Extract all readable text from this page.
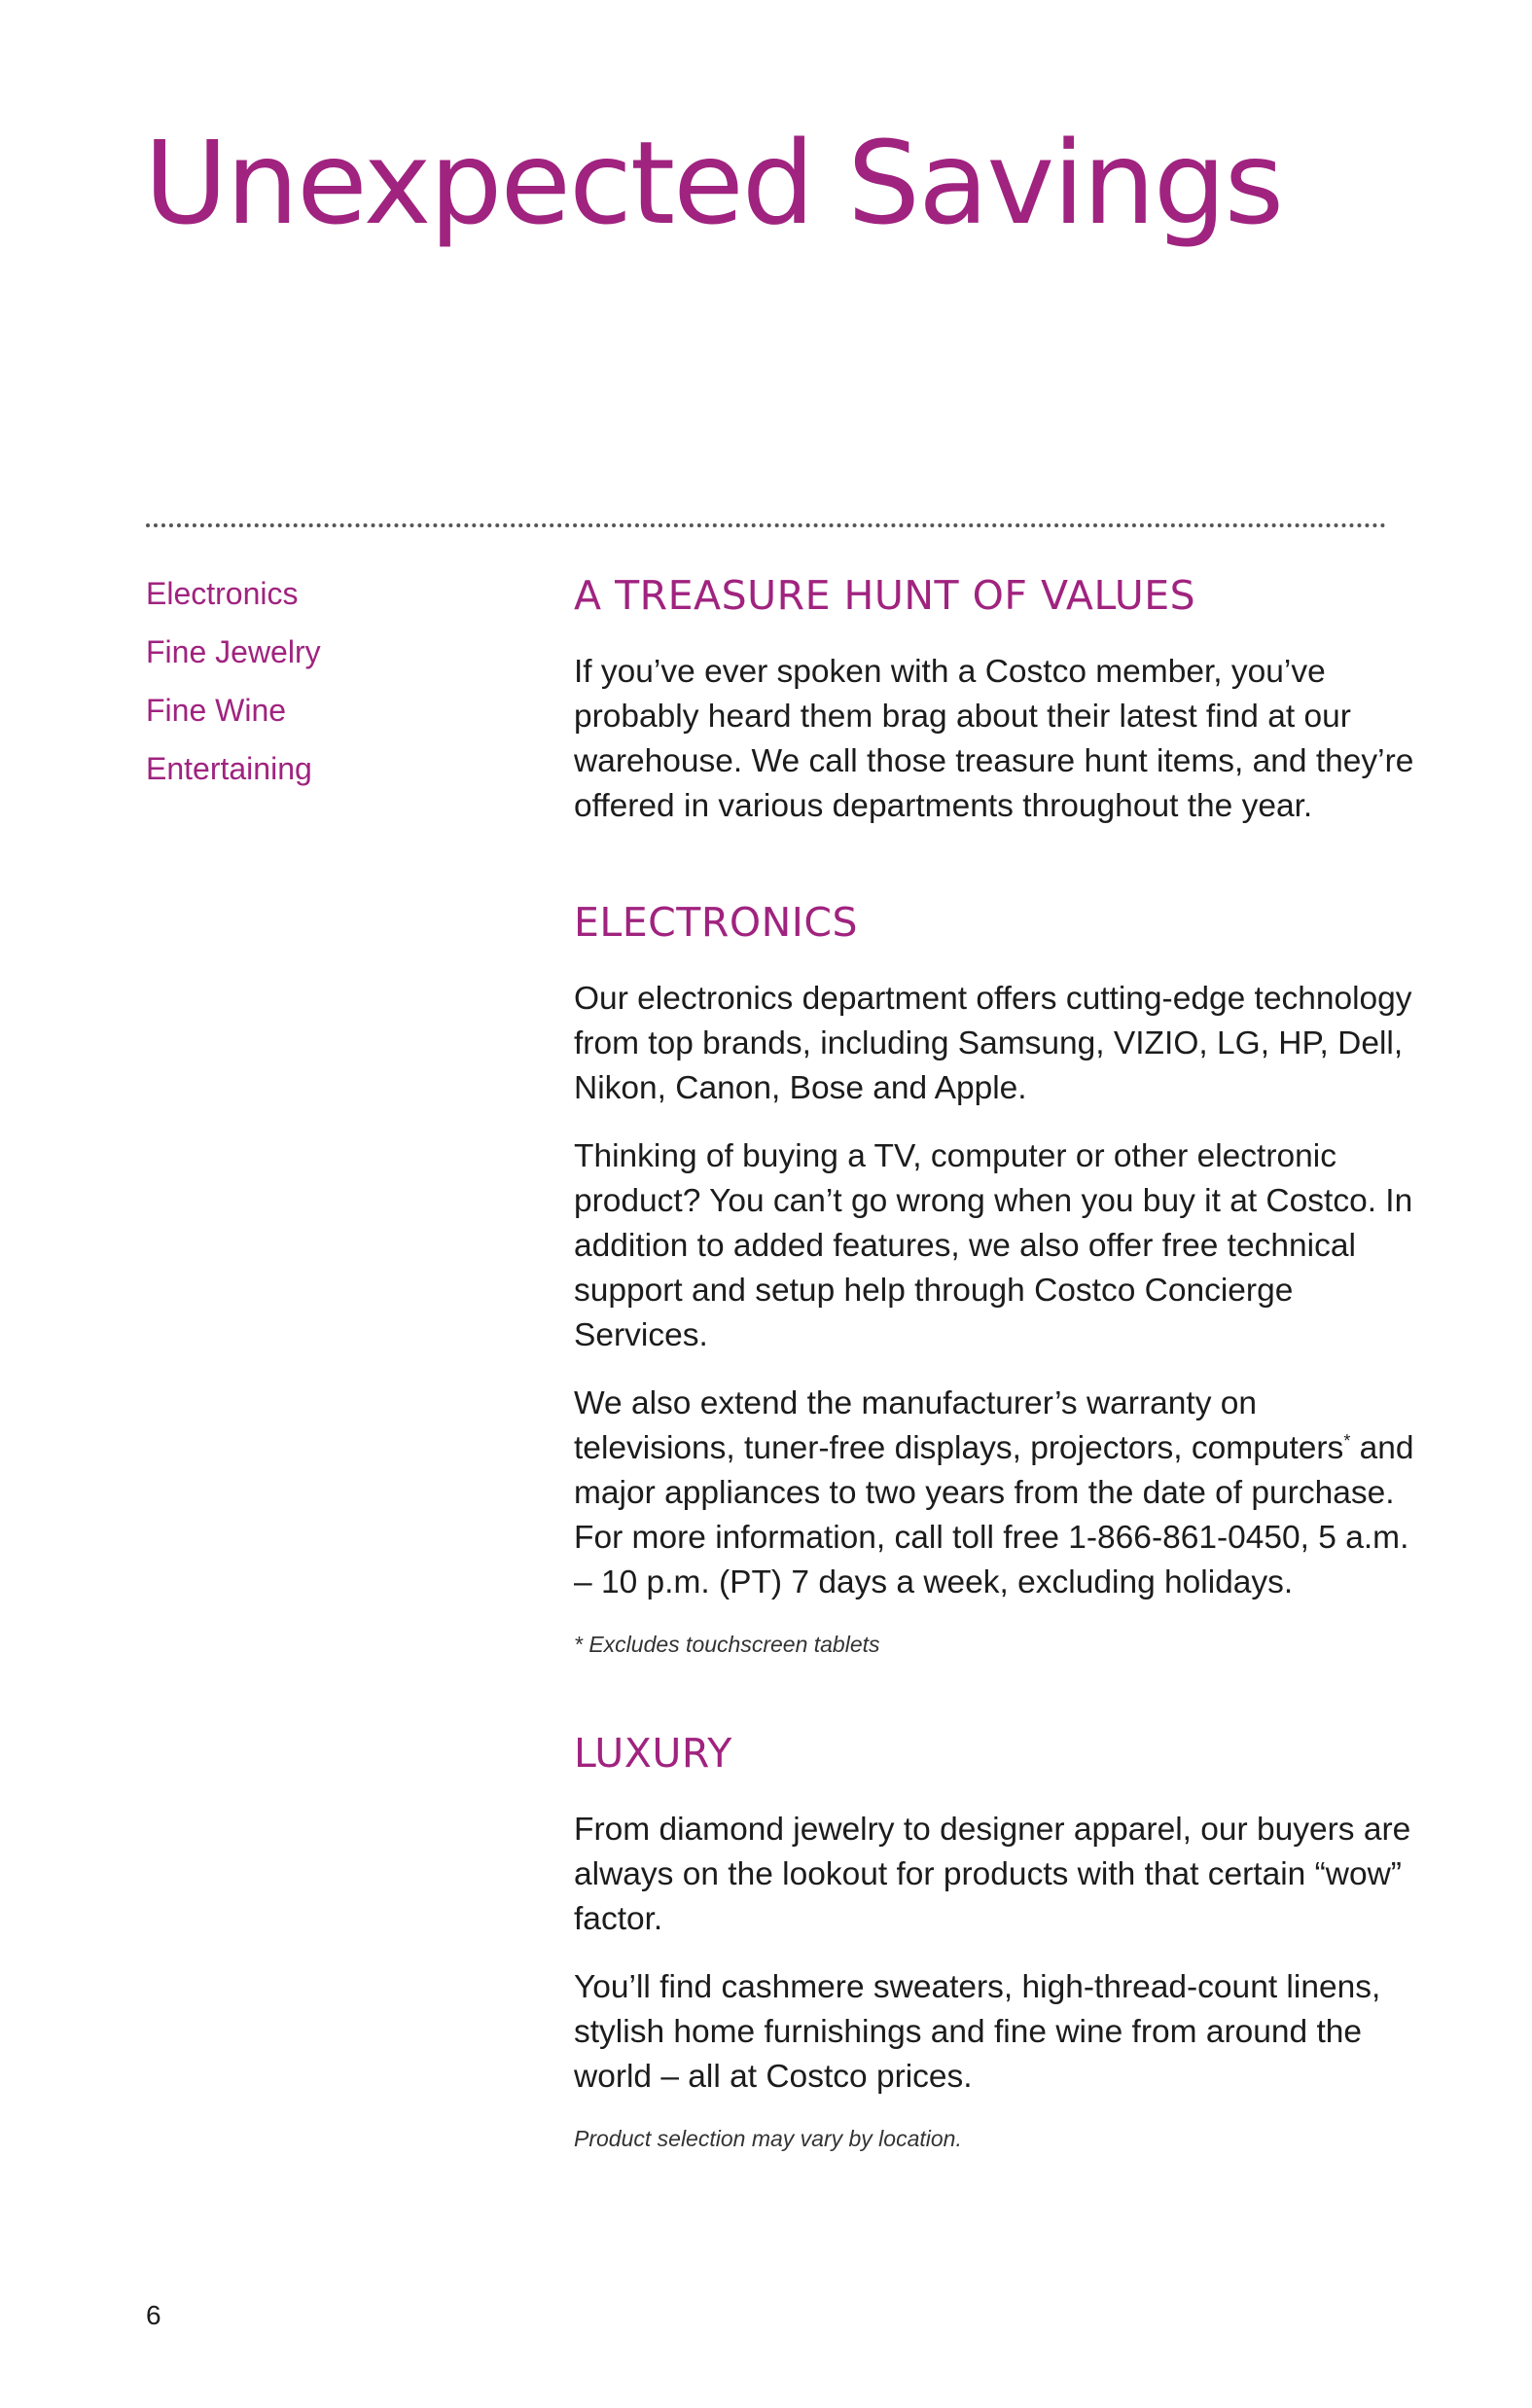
Unexpected Savings
Electronics
Fine Jewelry
Fine Wine
Entertaining
A TREASURE HUNT OF VALUES

If you’ve ever spoken with a Costco member, you’ve probably heard them brag about their latest find at our warehouse. We call those treasure hunt items, and they’re offered in various departments throughout the year.

ELECTRONICS

Our electronics department offers cutting-edge technology from top brands, including Samsung, VIZIO, LG, HP, Dell, Nikon, Canon, Bose and Apple.

Thinking of buying a TV, computer or other electronic product? You can’t go wrong when you buy it at Costco. In addition to added features, we also offer free technical support and setup help through Costco Concierge Services.

We also extend the manufacturer’s warranty on televisions, tuner-free displays, projectors, computers* and major appliances to two years from the date of purchase. For more information, call toll free 1-866-861-0450, 5 a.m. – 10 p.m. (PT) 7 days a week, excluding holidays.

* Excludes touchscreen tablets

LUXURY

From diamond jewelry to designer apparel, our buyers are always on the lookout for products with that certain “wow” factor.

You’ll find cashmere sweaters, high-thread-count linens, stylish home furnishings and fine wine from around the world – all at Costco prices.

Product selection may vary by location.

6
